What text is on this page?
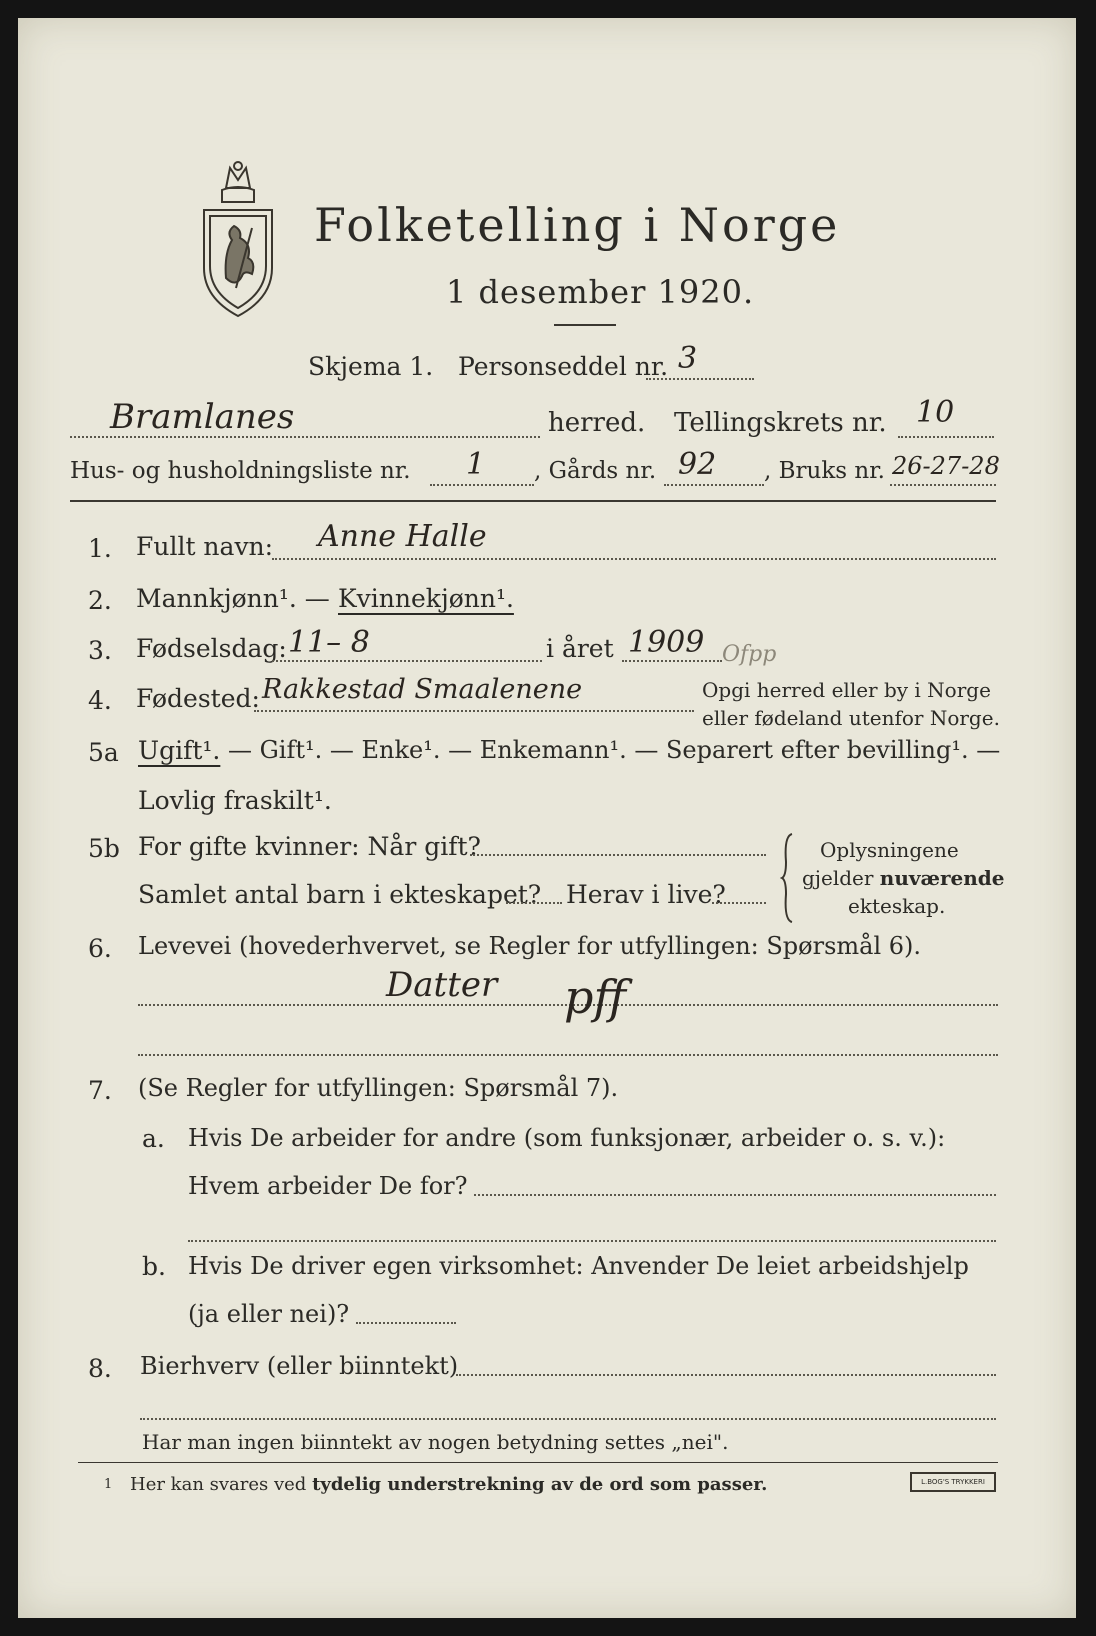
Folketelling i Norge
1 desember 1920.
Skjema 1. Personseddel nr. 3
Bramlanes	herred. Tellingskrets nr. 10
Hus- og husholdningsliste nr. 1 , Gårds nr. 92 , Bruks nr. 26-27-28
1. Fullt navn: Anne Halle
2. Mannkjønn¹. — Kvinnekjønn¹.
3. Fødselsdag: 11– 8	i året 1909 Ofpp
4. Fødested: Rakkestad Smaalenene	Opgi herred eller by i Norge
eller fødeland utenfor Norge.
5a Ugift¹. — Gift¹. — Enke¹. — Enkemann¹. — Separert efter bevilling¹. —
Lovlig fraskilt¹.
5b For gifte kvinner: Når gift?
Samlet antal barn i ekteskapet? Herav i live?
Oplysningene
gjelder nuværende
ekteskap.
6. Levevei (hovederhvervet, se Regler for utfyllingen: Spørsmål 6).
Datter pff
7. (Se Regler for utfyllingen: Spørsmål 7).
a. Hvis De arbeider for andre (som funksjonær, arbeider o. s. v.):
Hvem arbeider De for?
b. Hvis De driver egen virksomhet: Anvender De leiet arbeidshjelp
(ja eller nei)?
8. Bierhverv (eller biinntekt)
Har man ingen biinntekt av nogen betydning settes „nei".
1 Her kan svares ved tydelig understrekning av de ord som passer.	L.BOG'S TRYKKERI
